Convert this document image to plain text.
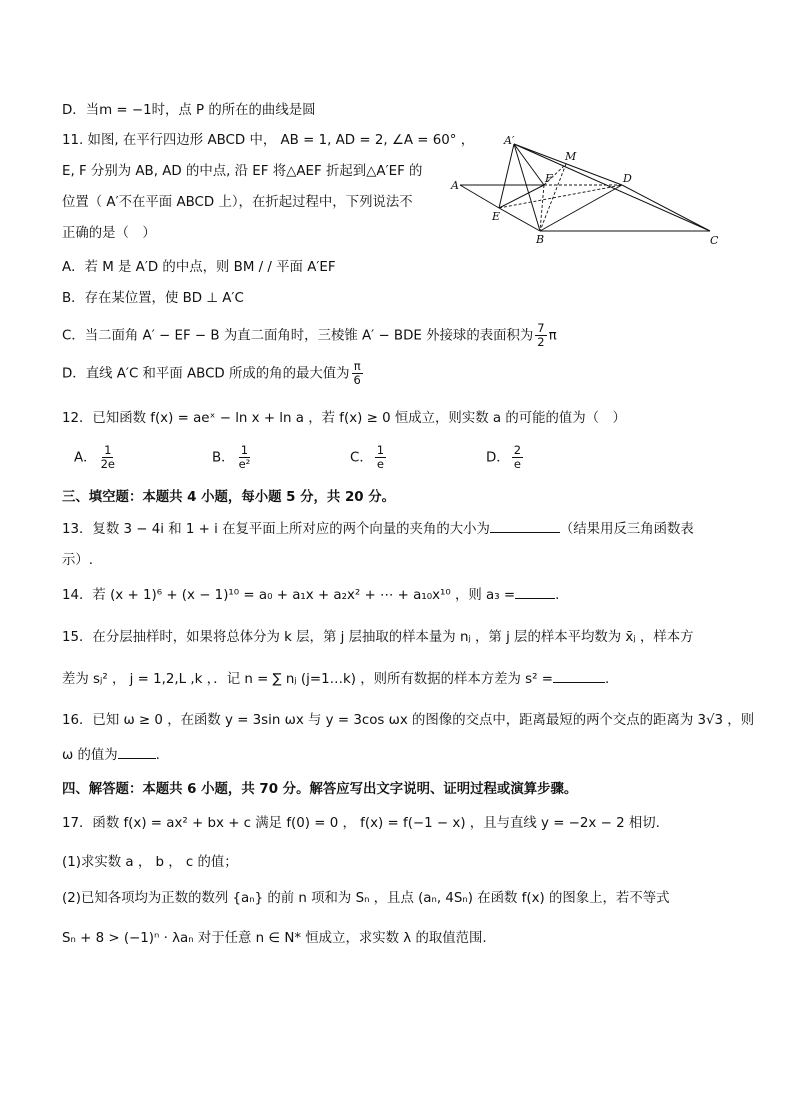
D．当m = −1时，点 P 的所在的曲线是圆
11. 如图, 在平行四边形 ABCD 中， AB = 1, AD = 2, ∠A = 60° ，
E, F 分别为 AB, AD 的中点, 沿 EF 将△AEF 折起到△A′EF 的
位置（ A′不在平面 ABCD 上），在折起过程中，下列说法不
正确的是（　）
A′
M
A
F	D
E
B	C
A．若 M 是 A′D 的中点，则 BM / / 平面 A′EF
B．存在某位置，使 BD ⊥ A′C
C．当二面角 A′ − EF − B 为直二面角时，三棱锥 A′ − BDE 外接球的表面积为 $\frac{7}{2}$ π
D．直线 A′C 和平面 ABCD 所成的角的最大值为 $\frac{\pi}{6}$
12．已知函数 f(x) = aeˣ − ln x + ln a ，若 f(x) ≥ 0 恒成立，则实数 a 的可能的值为（　）
A． $\frac{1}{2e}$	B． $\frac{1}{\text{e²}}$	C． $\frac{1}{e}$	D． $\frac{2}{e}$
三、填空题：本题共 4 小题，每小题 5 分，共 20 分。
13．复数 3 − 4i 和 1 + i 在复平面上所对应的两个向量的夹角的大小为	（结果用反三角函数表
示）.
14．若 (x + 1)⁶ + (x − 1)¹⁰ = a₀ + a₁x + a₂x² + ⋯ + a₁₀x¹⁰ ，则 a₃ =	.
15．在分层抽样时，如果将总体分为 k 层，第 j 层抽取的样本量为 nⱼ ，第 j 层的样本平均数为 x̄ⱼ ，样本方
差为 sⱼ² ， j = 1,2,L ,k ，．记 n = ∑ nⱼ (j=1…k) ，则所有数据的样本方差为 s² =	.
16．已知 ω ≥ 0 ，在函数 y = 3sin ωx 与 y = 3cos ωx 的图像的交点中，距离最短的两个交点的距离为 3√3 ，则
ω 的值为	.
四、解答题：本题共 6 小题，共 70 分。解答应写出文字说明、证明过程或演算步骤。
17．函数 f(x) = ax² + bx + c 满足 f(0) = 0 ， f(x) = f(−1 − x) ，且与直线 y = −2x − 2 相切.
(1)求实数 a ， b ， c 的值；
(2)已知各项均为正数的数列 {aₙ} 的前 n 项和为 Sₙ ，且点 (aₙ, 4Sₙ) 在函数 f(x) 的图象上，若不等式
Sₙ + 8 > (−1)ⁿ · λaₙ 对于任意 n ∈ N* 恒成立，求实数 λ 的取值范围.
